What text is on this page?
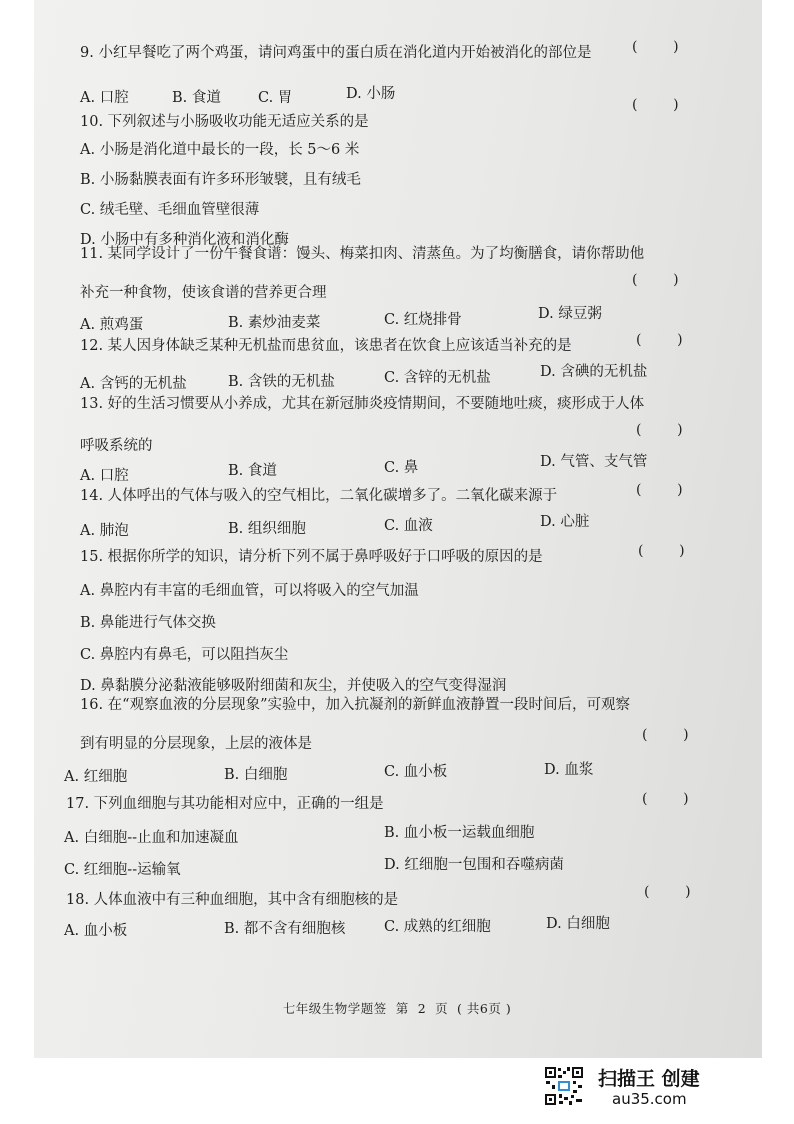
9. 小红早餐吃了两个鸡蛋，请问鸡蛋中的蛋白质在消化道内开始被消化的部位是	(        )
A. 口腔	B. 食道	C. 胃	D. 小肠
(        )
10. 下列叙述与小肠吸收功能无适应关系的是
A. 小肠是消化道中最长的一段，长 5～6 米
B. 小肠黏膜表面有许多环形皱襞，且有绒毛
C. 绒毛壁、毛细血管壁很薄
D. 小肠中有多种消化液和消化酶
11. 某同学设计了一份午餐食谱：馒头、梅菜扣肉、清蒸鱼。为了均衡膳食，请你帮助他
(        )
补充一种食物，使该食谱的营养更合理
A. 煎鸡蛋	B. 素炒油麦菜	C. 红烧排骨	D. 绿豆粥
12. 某人因身体缺乏某种无机盐而患贫血，该患者在饮食上应该适当补充的是	(        )
A. 含钙的无机盐	B. 含铁的无机盐	C. 含锌的无机盐	D. 含碘的无机盐
13. 好的生活习惯要从小养成，尤其在新冠肺炎疫情期间，不要随地吐痰，痰形成于人体
(        )
呼吸系统的
A. 口腔	B. 食道	C. 鼻	D. 气管、支气管
14. 人体呼出的气体与吸入的空气相比，二氧化碳增多了。二氧化碳来源于	(        )
A. 肺泡	B. 组织细胞	C. 血液	D. 心脏
15. 根据你所学的知识，请分析下列不属于鼻呼吸好于口呼吸的原因的是	(        )
A. 鼻腔内有丰富的毛细血管，可以将吸入的空气加温
B. 鼻能进行气体交换
C. 鼻腔内有鼻毛，可以阻挡灰尘
D. 鼻黏膜分泌黏液能够吸附细菌和灰尘，并使吸入的空气变得湿润
16. 在“观察血液的分层现象”实验中，加入抗凝剂的新鲜血液静置一段时间后，可观察
(        )
到有明显的分层现象，上层的液体是
A. 红细胞	B. 白细胞	C. 血小板	D. 血浆
17. 下列血细胞与其功能相对应中，正确的一组是	(        )
A. 白细胞--止血和加速凝血	B. 血小板一运载血细胞
C. 红细胞--运输氧	D. 红细胞一包围和吞噬病菌
18. 人体血液中有三种血细胞，其中含有细胞核的是	(        )
A. 血小板	B. 都不含有细胞核	C. 成熟的红细胞	D. 白细胞
七年级生物学题签  第  2  页  ( 共6页 )
扫描王 创建
au35.com
